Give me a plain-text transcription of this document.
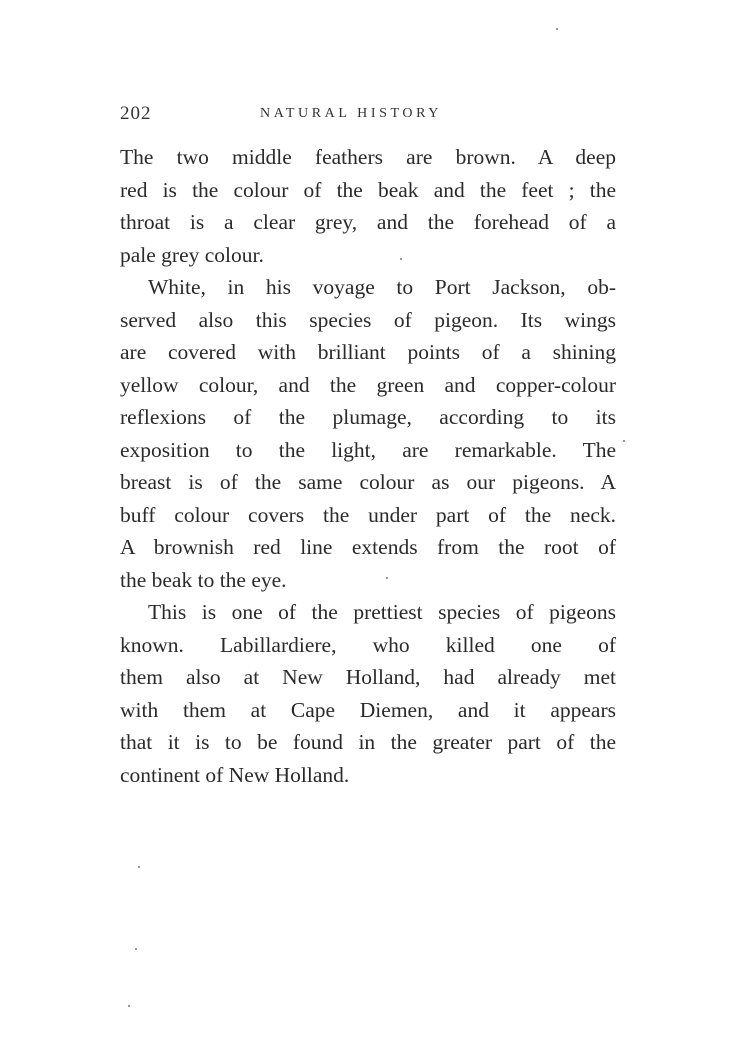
202	NATURAL HISTORY
The two middle feathers are brown. A deep
red is the colour of the beak and the feet ; the
throat is a clear grey, and the forehead of a
pale grey colour.
White, in his voyage to Port Jackson, ob-
served also this species of pigeon. Its wings
are covered with brilliant points of a shining
yellow colour, and the green and copper-colour
reflexions of the plumage, according to its
exposition to the light, are remarkable. The
breast is of the same colour as our pigeons. A
buff colour covers the under part of the neck.
A brownish red line extends from the root of
the beak to the eye.
This is one of the prettiest species of pigeons
known. Labillardiere, who killed one of
them also at New Holland, had already met
with them at Cape Diemen, and it appears
that it is to be found in the greater part of the
continent of New Holland.
